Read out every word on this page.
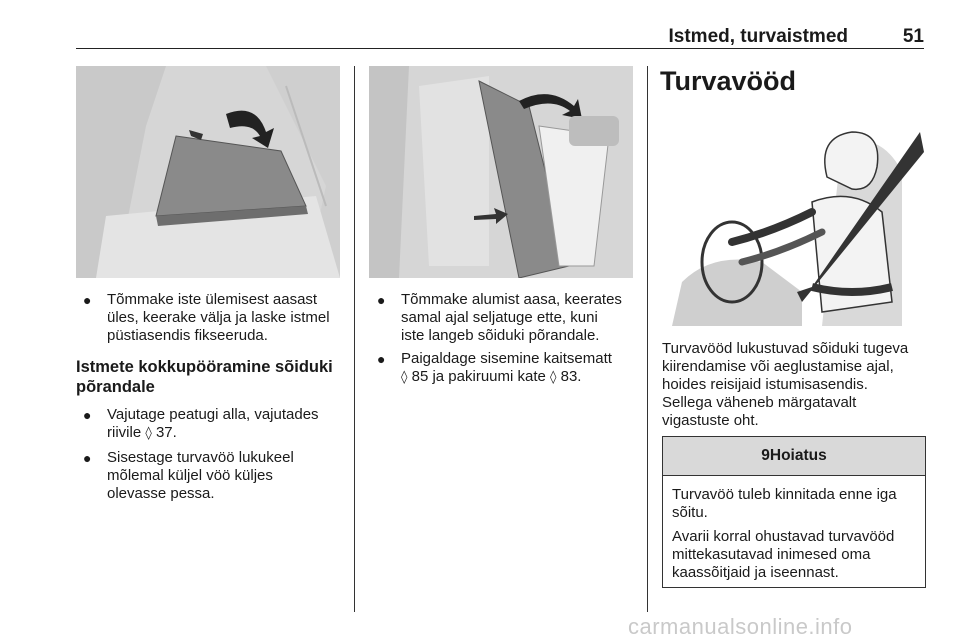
Istmed, turvaistmed	51
● Tõmmake iste ülemisest aasast
üles, keerake välja ja laske istmel
püstiasendis fikseeruda.
Istmete kokkupööramine sõiduki
põrandale
● Vajutage peatugi alla, vajutades
riivile ◊ 37.
● Sisestage turvavöö lukukeel
mõlemal küljel vöö küljes
olevasse pessa.
● Tõmmake alumist aasa, keerates
samal ajal seljatuge ette, kuni
iste langeb sõiduki põrandale.
● Paigaldage sisemine kaitsematt
◊ 85 ja pakiruumi kate ◊ 83.
Turvavööd
Turvavööd lukustuvad sõiduki tugeva
kiirendamise või aeglustamise ajal,
hoides reisijaid istumisasendis.
Sellega väheneb märgatavalt
vigastuste oht.
9Hoiatus
Turvavöö tuleb kinnitada enne iga
sõitu.
Avarii korral ohustavad turvavööd
mittekasutavad inimesed oma
kaassõitjaid ja iseennast.
carmanualsonline.info
